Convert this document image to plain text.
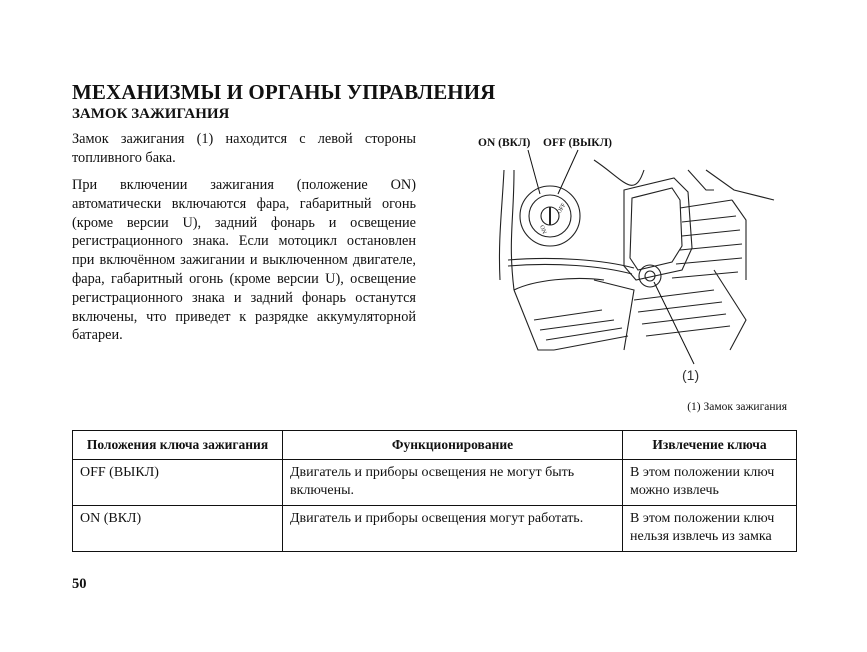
МЕХАНИЗМЫ И ОРГАНЫ УПРАВЛЕНИЯ
ЗАМОК ЗАЖИГАНИЯ

Замок зажигания (1) находится с левой стороны топливного бака.

При включении зажигания (положение ON) автоматически включаются фара, габаритный огонь (кроме версии U), задний фонарь и освещение регистрационного знака. Если мотоцикл остановлен при включённом зажигании и выключенном двигателе, фара, габаритный огонь (кроме версии U), освещение регистрационного знака и задний фонарь останутся включены, что приведет к разрядке аккумуляторной батареи.

ON (ВКЛ) OFF (ВЫКЛ)
OFF
ON
(1)

(1) Замок зажигания

Положения ключа зажигания	Функционирование	Извлечение ключа
OFF (ВЫКЛ)	Двигатель и приборы освещения не могут быть включены.	В этом положении ключ можно извлечь
ON (ВКЛ)	Двигатель и приборы освещения могут работать.	В этом положении ключ нельзя извлечь из замка

50
